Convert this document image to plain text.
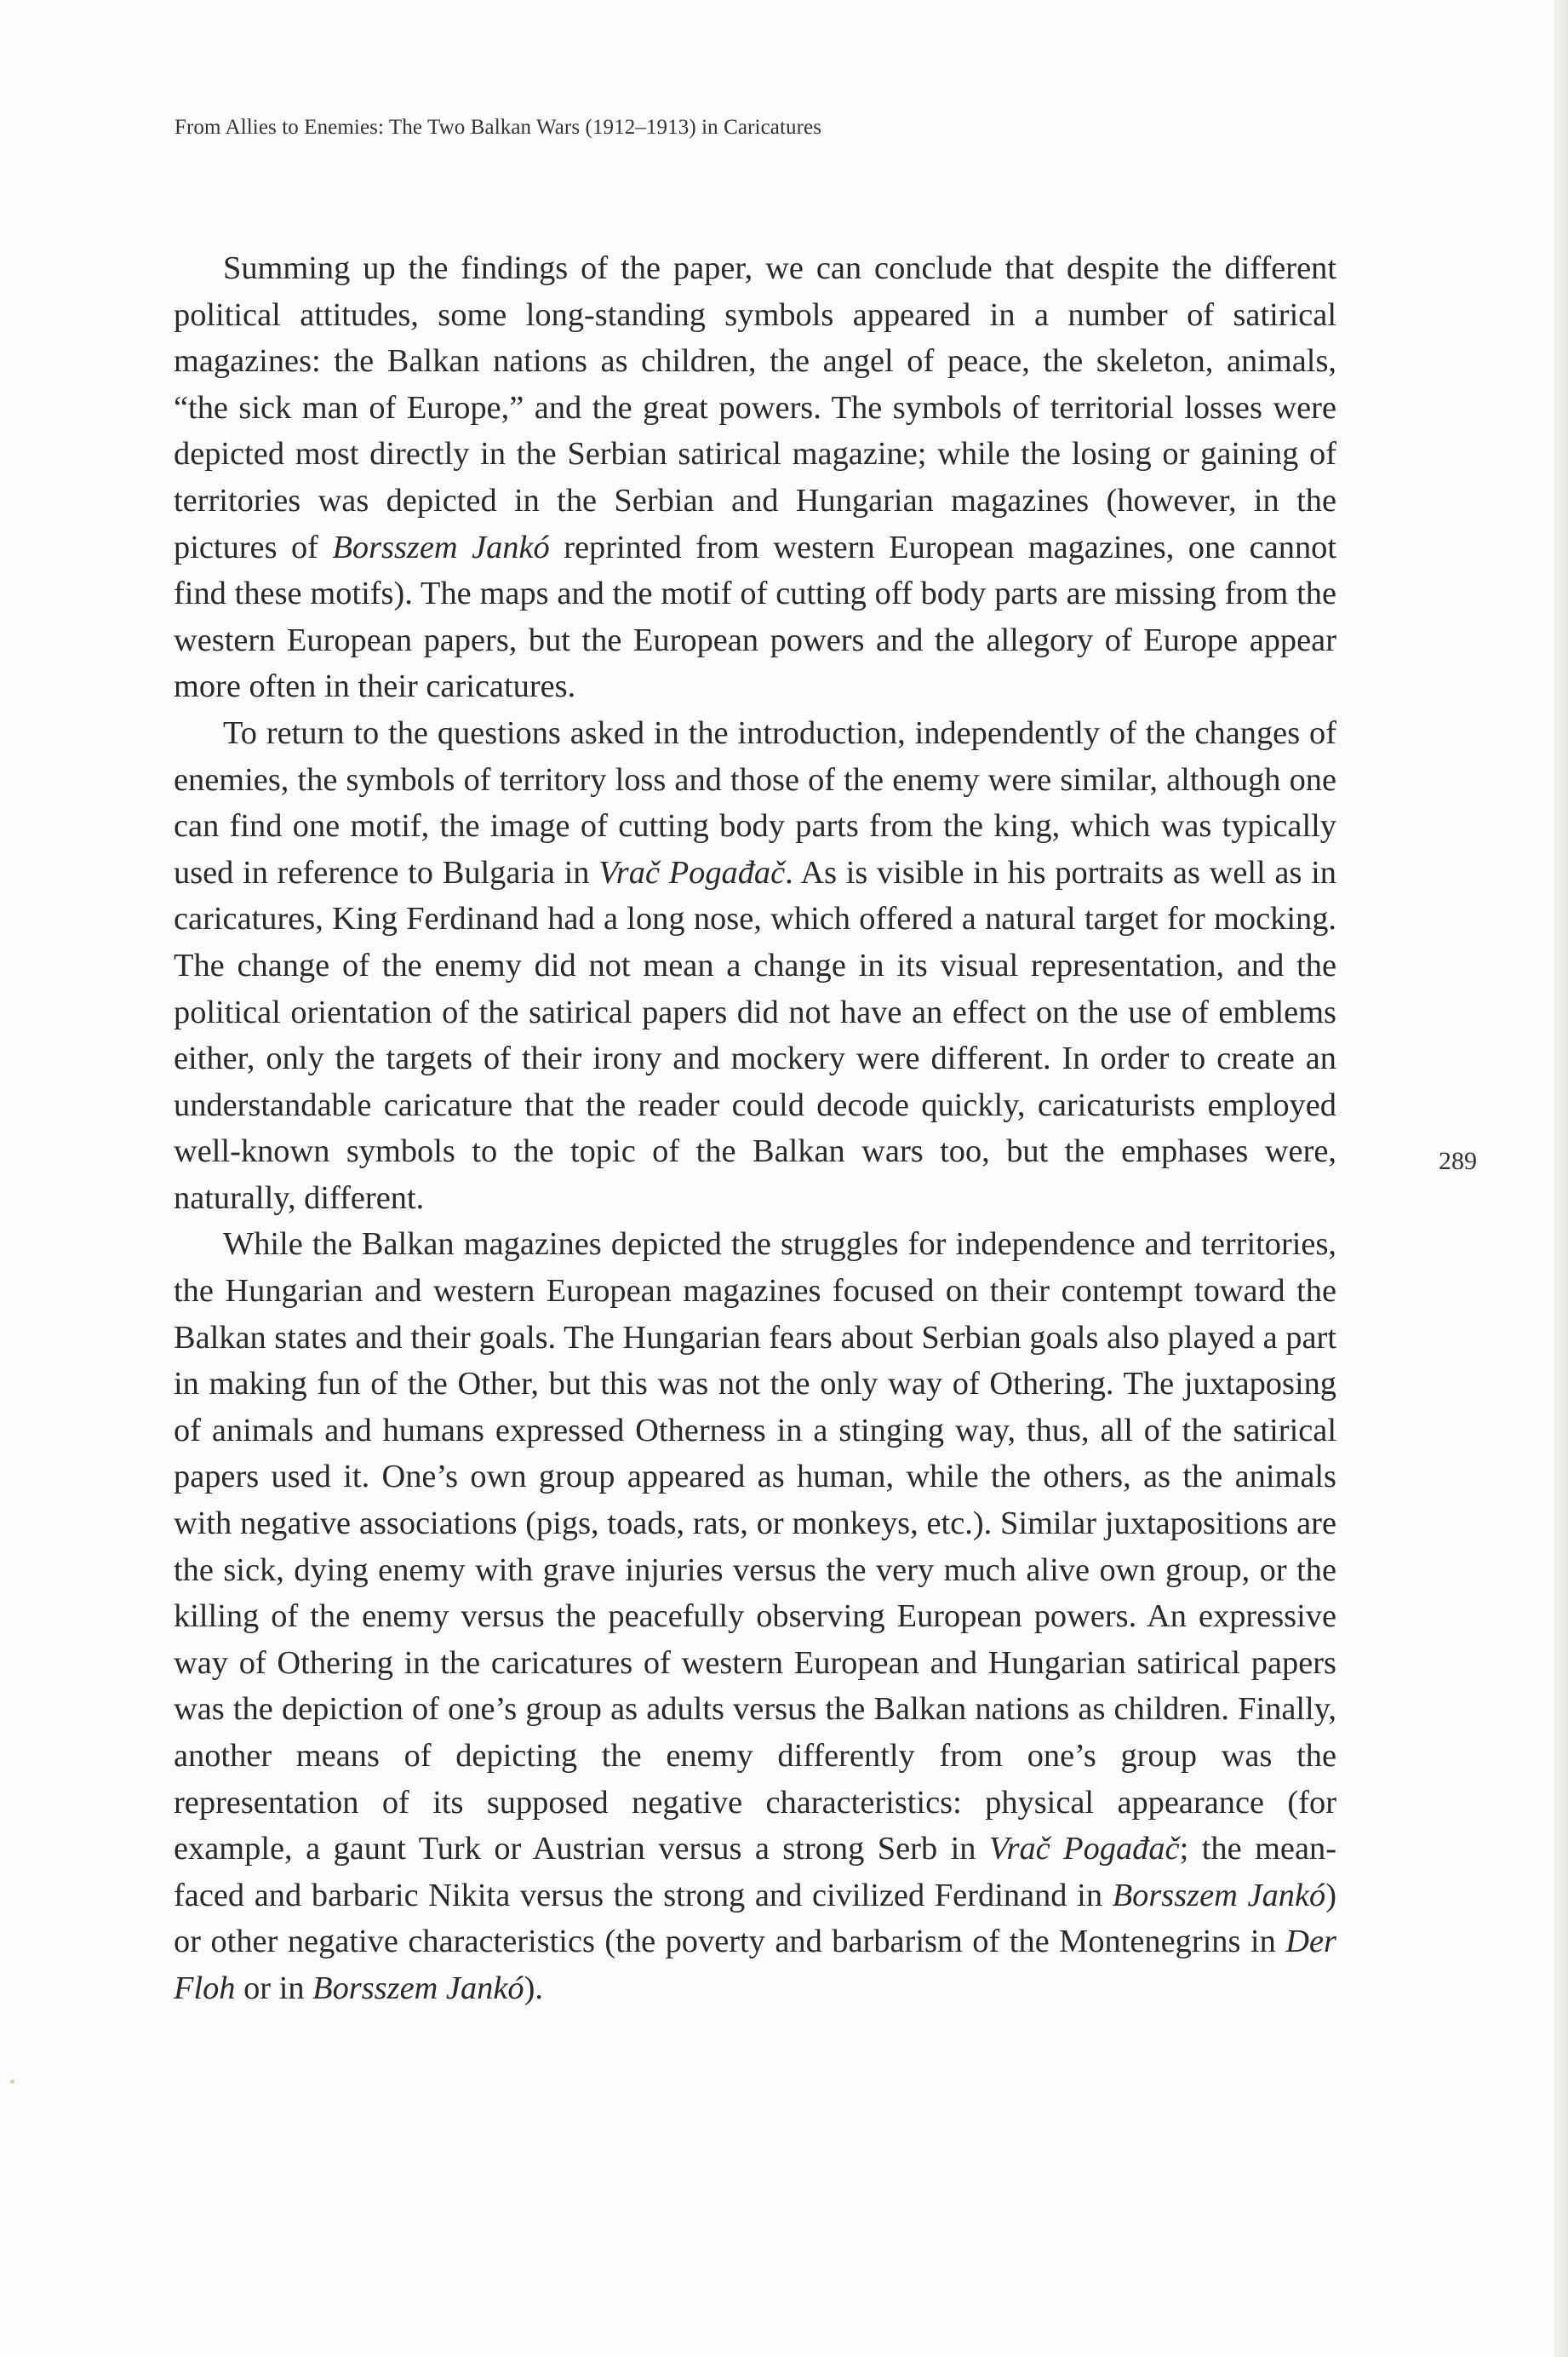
From Allies to Enemies: The Two Balkan Wars (1912–1913) in Caricatures
289

Summing up the findings of the paper, we can conclude that despite the different political attitudes, some long-standing symbols appeared in a number of satirical magazines: the Balkan nations as children, the angel of peace, the skeleton, animals, “the sick man of Europe,” and the great powers. The symbols of territorial losses were depicted most directly in the Serbian satirical magazine; while the losing or gaining of territories was depicted in the Serbian and Hungarian magazines (however, in the pictures of Borsszem Jankó reprinted from western European magazines, one cannot find these motifs). The maps and the motif of cutting off body parts are missing from the western European papers, but the European powers and the allegory of Europe appear more often in their caricatures.

To return to the questions asked in the introduction, independently of the changes of enemies, the symbols of territory loss and those of the enemy were similar, although one can find one motif, the image of cutting body parts from the king, which was typically used in reference to Bulgaria in Vrač Pogađač. As is visible in his portraits as well as in caricatures, King Ferdinand had a long nose, which offered a natural target for mocking. The change of the enemy did not mean a change in its visual representation, and the political orientation of the satirical papers did not have an effect on the use of emblems either, only the targets of their irony and mockery were different. In order to create an understandable caricature that the reader could decode quickly, caricaturists employed well-known symbols to the topic of the Balkan wars too, but the emphases were, naturally, different.

While the Balkan magazines depicted the struggles for independence and territories, the Hungarian and western European magazines focused on their contempt toward the Balkan states and their goals. The Hungarian fears about Serbian goals also played a part in making fun of the Other, but this was not the only way of Othering. The juxtaposing of animals and humans expressed Otherness in a stinging way, thus, all of the satirical papers used it. One’s own group appeared as human, while the others, as the animals with negative associations (pigs, toads, rats, or monkeys, etc.). Similar juxtapositions are the sick, dying enemy with grave injuries versus the very much alive own group, or the killing of the enemy versus the peacefully observing European powers. An expressive way of Othering in the caricatures of western European and Hungarian satirical papers was the depiction of one’s group as adults versus the Balkan nations as children. Finally, another means of depicting the enemy differently from one’s group was the representation of its supposed negative characteristics: physical appearance (for example, a gaunt Turk or Austrian versus a strong Serb in Vrač Pogađač; the mean-faced and barbaric Nikita versus the strong and civilized Ferdinand in Borsszem Jankó) or other negative characteristics (the poverty and barbarism of the Montenegrins in Der Floh or in Borsszem Jankó).
